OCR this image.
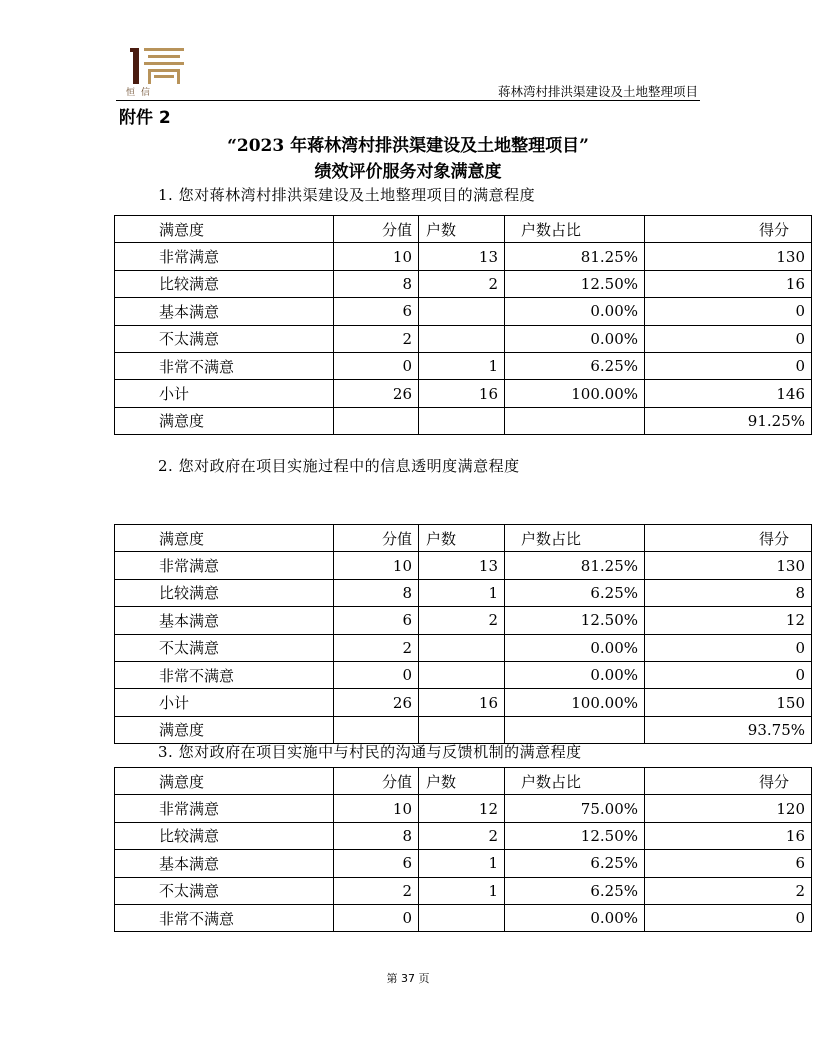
恒信	蒋林湾村排洪渠建设及土地整理项目
附件 2
“2023 年蒋林湾村排洪渠建设及土地整理项目”
绩效评价服务对象满意度
1. 您对蒋林湾村排洪渠建设及土地整理项目的满意程度
满意度	分值	户数	户数占比	得分
非常满意	10	13	81.25%	130
比较满意	8	2	12.50%	16
基本满意	6		0.00%	0
不太满意	2		0.00%	0
非常不满意	0	1	6.25%	0
小计	26	16	100.00%	146
满意度				91.25%
2. 您对政府在项目实施过程中的信息透明度满意程度
满意度	分值	户数	户数占比	得分
非常满意	10	13	81.25%	130
比较满意	8	1	6.25%	8
基本满意	6	2	12.50%	12
不太满意	2		0.00%	0
非常不满意	0		0.00%	0
小计	26	16	100.00%	150
满意度				93.75%
3. 您对政府在项目实施中与村民的沟通与反馈机制的满意程度
满意度	分值	户数	户数占比	得分
非常满意	10	12	75.00%	120
比较满意	8	2	12.50%	16
基本满意	6	1	6.25%	6
不太满意	2	1	6.25%	2
非常不满意	0		0.00%	0
第 37 页
